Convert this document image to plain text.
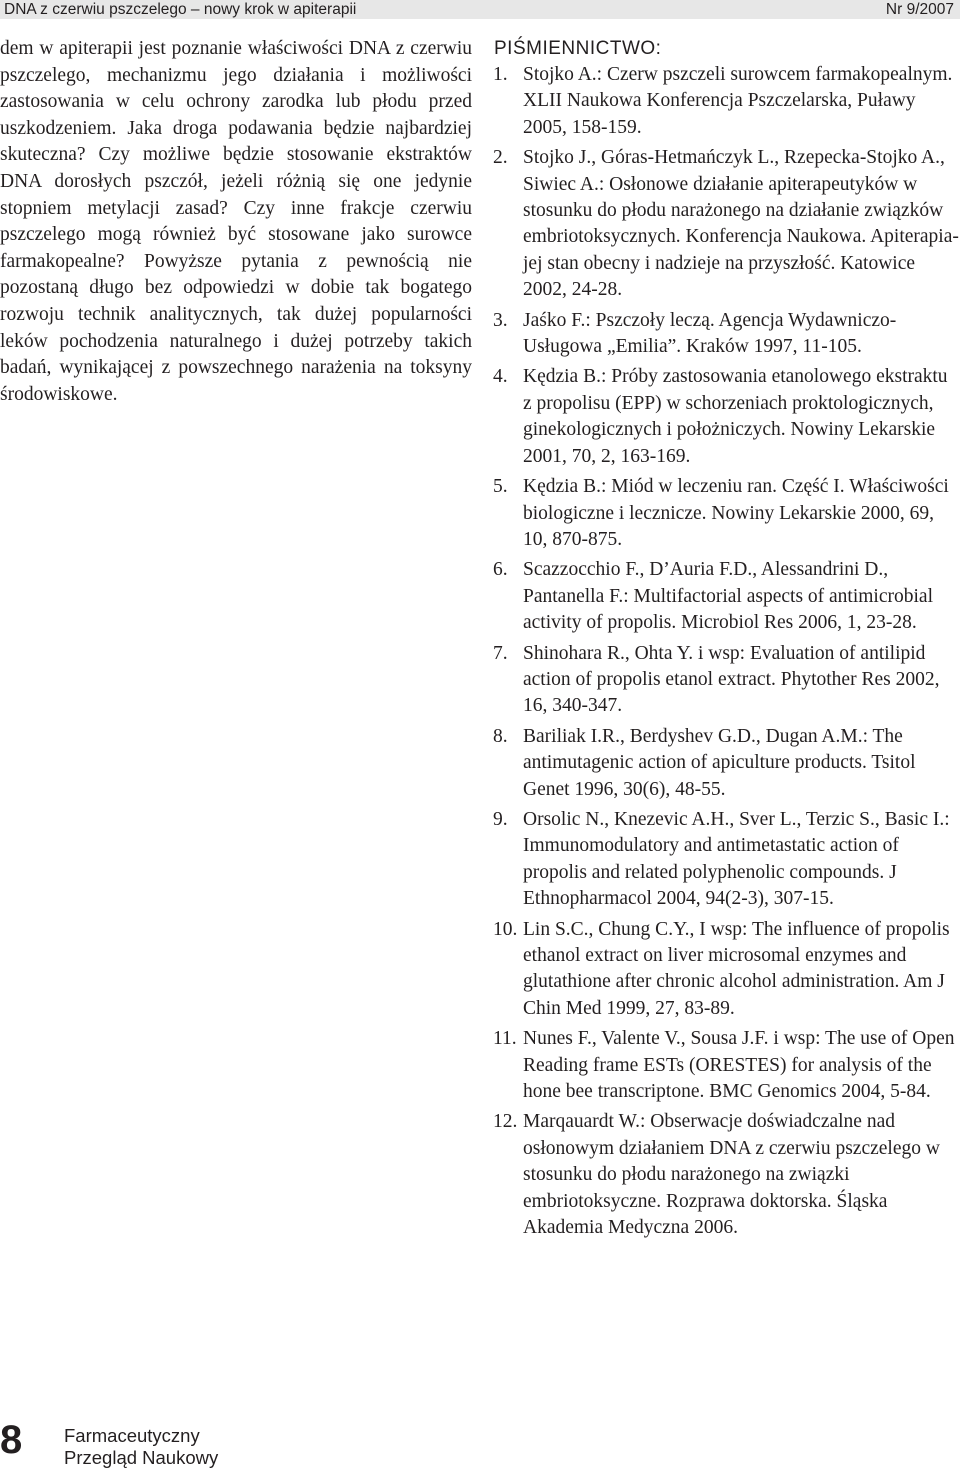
DNA z czerwiu pszczelego – nowy krok w apiterapii	Nr 9/2007

dem w apiterapii jest poznanie właściwości DNA z czerwiu pszczelego, mechanizmu jego działania i możliwości zastosowania w celu ochrony zarodka lub płodu przed uszkodzeniem. Jaka droga podawania będzie najbardziej skuteczna? Czy możliwe będzie stosowanie ekstraktów DNA dorosłych pszczół, jeżeli różnią się one jedynie stopniem metylacji zasad? Czy inne frakcje czerwiu pszczelego mogą również być stosowane jako surowce farmakopealne? Powyższe pytania z pewnością nie pozostaną długo bez odpowiedzi w dobie tak bogatego rozwoju technik analitycznych, tak dużej popularności leków pochodzenia naturalnego i dużej potrzeby takich badań, wynikającej z powszechnego narażenia na toksyny środowiskowe.

PIŚMIENNICTWO:
1. Stojko A.: Czerw pszczeli surowcem farmakopealnym. XLII Naukowa Konferencja Pszczelarska, Puławy 2005, 158-159.
2. Stojko J., Góras-Hetmańczyk L., Rzepecka-Stojko A., Siwiec A.: Osłonowe działanie apiterapeutyków w stosunku do płodu narażonego na działanie związków embriotoksycznych. Konferencja Naukowa. Apiterapia-jej stan obecny i nadzieje na przyszłość. Katowice 2002, 24-28.
3. Jaśko F.: Pszczoły leczą. Agencja Wydawniczo-Usługowa „Emilia”. Kraków 1997, 11-105.
4. Kędzia B.: Próby zastosowania etanolowego ekstraktu z propolisu (EPP) w schorzeniach proktologicznych, ginekologicznych i położniczych. Nowiny Lekarskie 2001, 70, 2, 163-169.
5. Kędzia B.: Miód w leczeniu ran. Część I. Właściwości biologiczne i lecznicze. Nowiny Lekarskie 2000, 69, 10, 870-875.
6. Scazzocchio F., D’Auria F.D., Alessandrini D., Pantanella F.: Multifactorial aspects of antimicrobial activity of propolis. Microbiol Res 2006, 1, 23-28.
7. Shinohara R., Ohta Y. i wsp: Evaluation of antilipid action of propolis etanol extract. Phytother Res 2002, 16, 340-347.
8. Bariliak I.R., Berdyshev G.D., Dugan A.M.: The antimutagenic action of apiculture products. Tsitol Genet 1996, 30(6), 48-55.
9. Orsolic N., Knezevic A.H., Sver L., Terzic S., Basic I.: Immunomodulatory and antimetastatic action of propolis and related polyphenolic compounds. J Ethnopharmacol 2004, 94(2-3), 307-15.
10. Lin S.C., Chung C.Y., I wsp: The influence of propolis ethanol extract on liver microsomal enzymes and glutathione after chronic alcohol administration. Am J Chin Med 1999, 27, 83-89.
11. Nunes F., Valente V., Sousa J.F. i wsp: The use of Open Reading frame ESTs (ORESTES) for analysis of the hone bee transcriptone. BMC Genomics 2004, 5-84.
12. Marqauardt W.: Obserwacje doświadczalne nad osłonowym działaniem DNA z czerwiu pszczelego w stosunku do płodu narażonego na związki embriotoksyczne. Rozprawa doktorska. Śląska Akademia Medyczna 2006.
8 Farmaceutyczny
Przegląd Naukowy
